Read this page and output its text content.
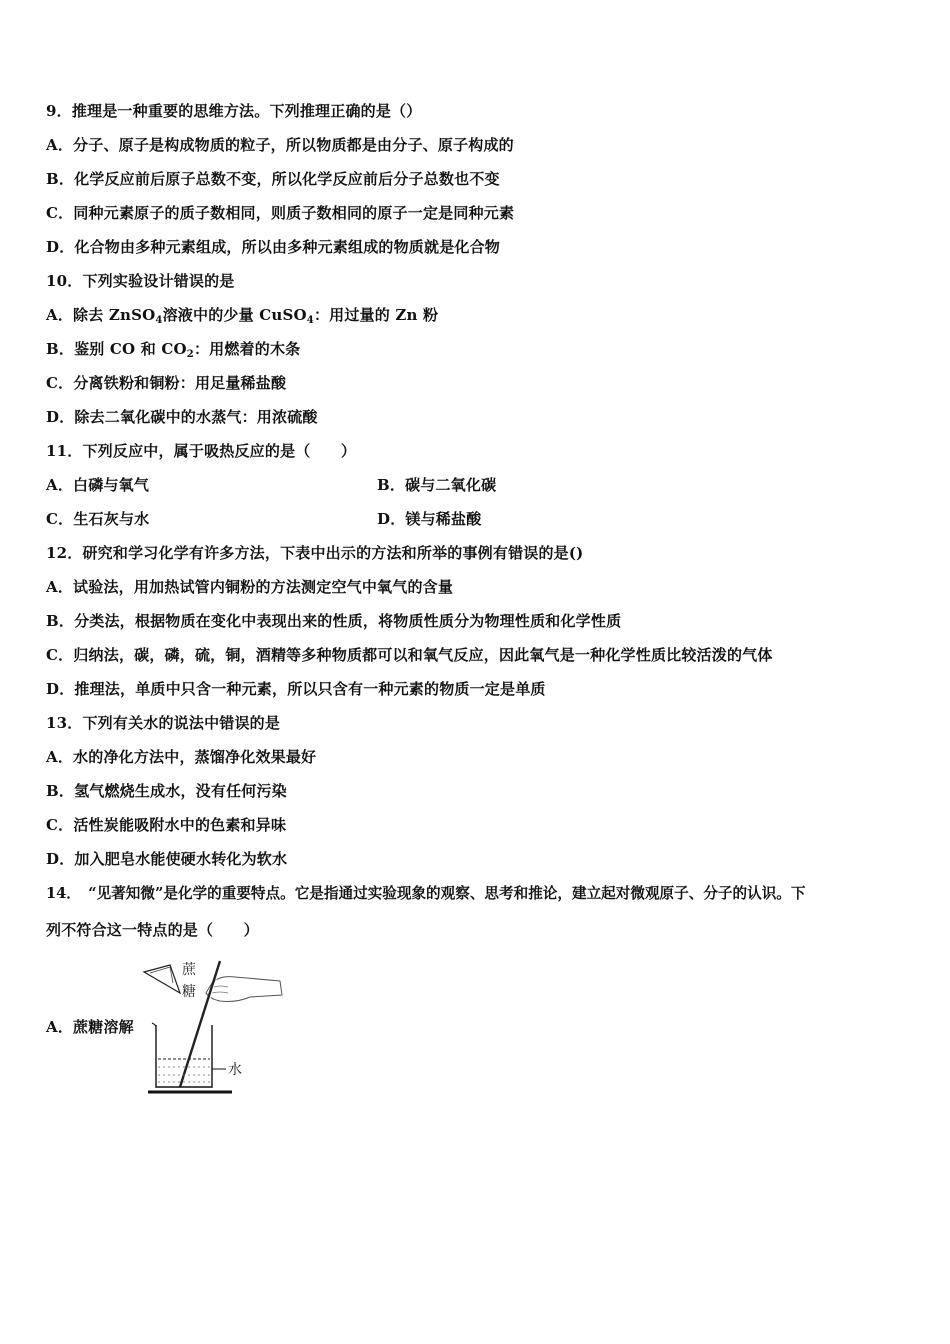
9．推理是一种重要的思维方法。下列推理正确的是（）
A．分子、原子是构成物质的粒子，所以物质都是由分子、原子构成的
B．化学反应前后原子总数不变，所以化学反应前后分子总数也不变
C．同种元素原子的质子数相同，则质子数相同的原子一定是同种元素
D．化合物由多种元素组成，所以由多种元素组成的物质就是化合物
10．下列实验设计错误的是
A．除去 ZnSO$_4$溶液中的少量 CuSO$_4$：用过量的 Zn 粉
B．鉴别 CO 和 $CO_2$：用燃着的木条
C．分离铁粉和铜粉：用足量稀盐酸
D．除去二氧化碳中的水蒸气：用浓硫酸
11．下列反应中，属于吸热反应的是（　　）
A．白磷与氧气	B．碳与二氧化碳
C．生石灰与水	D．镁与稀盐酸
12．研究和学习化学有许多方法，下表中出示的方法和所举的事例有错误的是()
A．试验法，用加热试管内铜粉的方法测定空气中氧气的含量
B．分类法，根据物质在变化中表现出来的性质，将物质性质分为物理性质和化学性质
C．归纳法，碳，磷，硫，铜，酒精等多种物质都可以和氧气反应，因此氧气是一种化学性质比较活泼的气体
D．推理法，单质中只含一种元素，所以只含有一种元素的物质一定是单质
13．下列有关水的说法中错误的是
A．水的净化方法中，蒸馏净化效果最好
B．氢气燃烧生成水，没有任何污染
C．活性炭能吸附水中的色素和异味
D．加入肥皂水能使硬水转化为软水
14．　“见著知微”是化学的重要特点。它是指通过实验现象的观察、思考和推论，建立起对微观原子、分子的认识。下
列不符合这一特点的是（　　）
A．蔗糖溶解
蔗
糖
水
